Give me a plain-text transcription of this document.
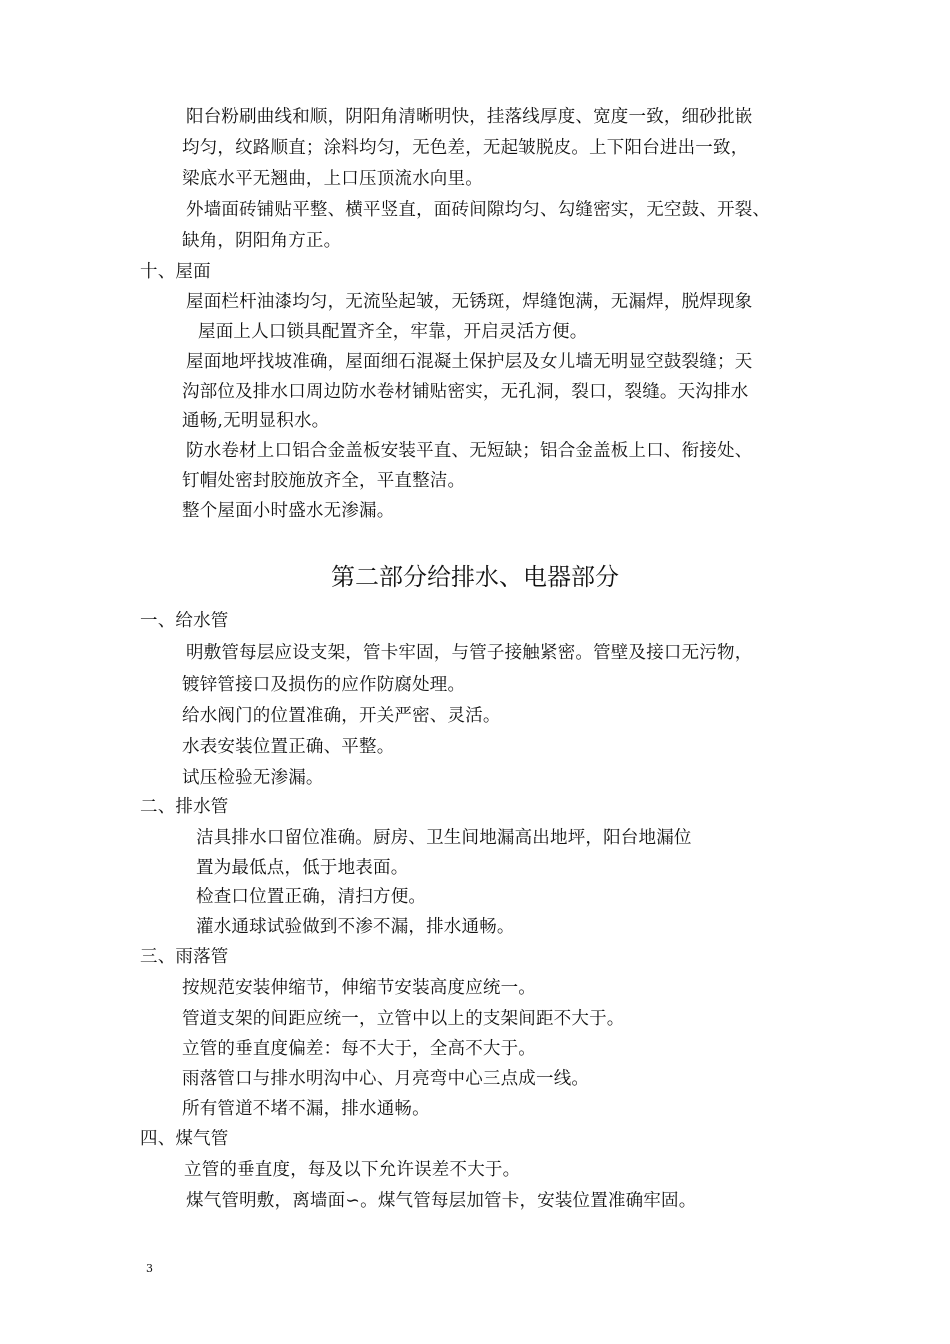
阳台粉刷曲线和顺，阴阳角清晰明快，挂落线厚度、宽度一致，细砂批嵌
均匀，纹路顺直；涂料均匀，无色差，无起皱脱皮。上下阳台进出一致，
梁底水平无翘曲，上口压顶流水向里。
外墙面砖铺贴平整、横平竖直，面砖间隙均匀、勾缝密实，无空鼓、开裂、
缺角，阴阳角方正。
十、屋面
屋面栏杆油漆均匀，无流坠起皱，无锈斑，焊缝饱满，无漏焊，脱焊现象
屋面上人口锁具配置齐全，牢靠，开启灵活方便。
屋面地坪找坡准确，屋面细石混凝土保护层及女儿墙无明显空鼓裂缝；天
沟部位及排水口周边防水卷材铺贴密实，无孔洞，裂口，裂缝。天沟排水
通畅,无明显积水。
防水卷材上口铝合金盖板安装平直、无短缺；铝合金盖板上口、衔接处、
钉帽处密封胶施放齐全，平直整洁。
整个屋面小时盛水无渗漏。
第二部分给排水、电器部分
一、给水管
明敷管每层应设支架，管卡牢固，与管子接触紧密。管壁及接口无污物，
镀锌管接口及损伤的应作防腐处理。
给水阀门的位置准确，开关严密、灵活。
水表安装位置正确、平整。
试压检验无渗漏。
二、排水管
洁具排水口留位准确。厨房、卫生间地漏高出地坪，阳台地漏位
置为最低点，低于地表面。
检查口位置正确，清扫方便。
灌水通球试验做到不渗不漏，排水通畅。
三、雨落管
按规范安装伸缩节，伸缩节安装高度应统一。
管道支架的间距应统一，立管中以上的支架间距不大于。
立管的垂直度偏差：每不大于，全高不大于。
雨落管口与排水明沟中心、月亮弯中心三点成一线。
所有管道不堵不漏，排水通畅。
四、煤气管
立管的垂直度，每及以下允许误差不大于。
煤气管明敷，离墙面∽。煤气管每层加管卡，安装位置准确牢固。
3
